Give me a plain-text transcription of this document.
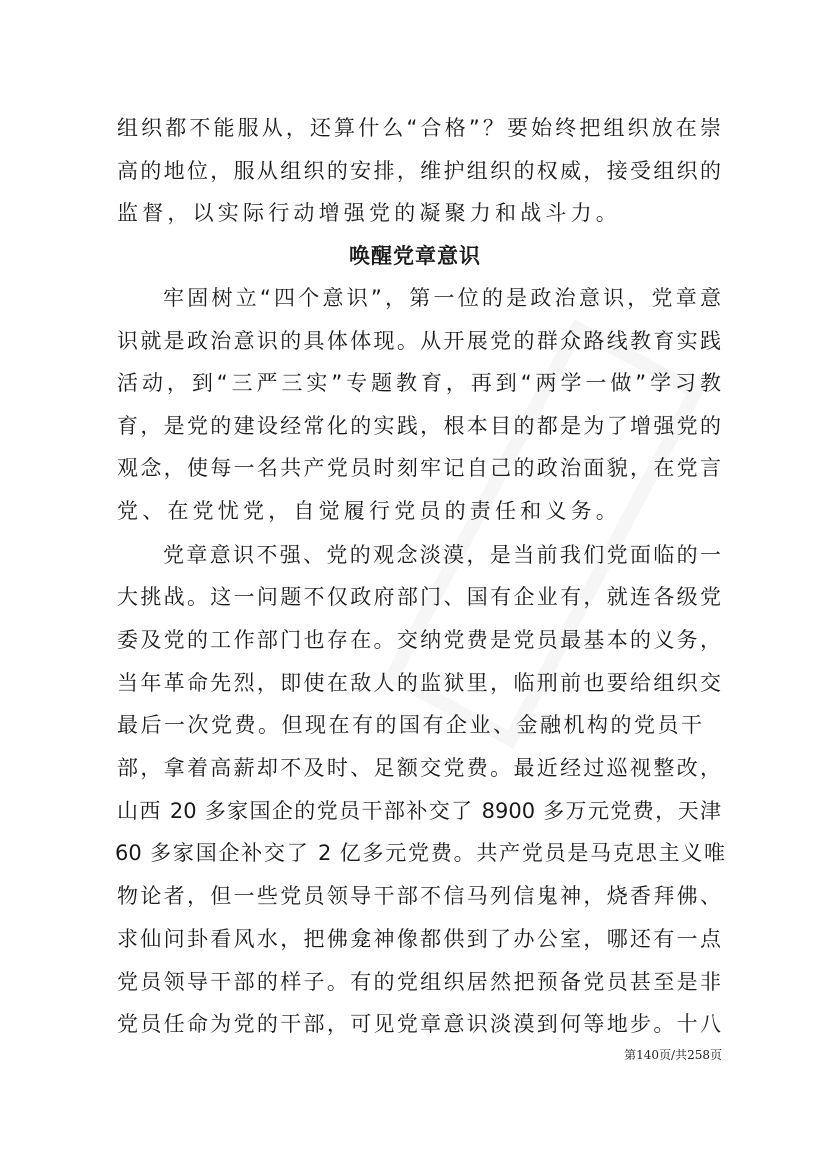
组织都不能服从，还算什么“合格”？要始终把组织放在崇
高的地位，服从组织的安排，维护组织的权威，接受组织的
监督，以实际行动增强党的凝聚力和战斗力。
唤醒党章意识
牢固树立“四个意识”，第一位的是政治意识，党章意
识就是政治意识的具体体现。从开展党的群众路线教育实践
活动，到“三严三实”专题教育，再到“两学一做”学习教
育，是党的建设经常化的实践，根本目的都是为了增强党的
观念，使每一名共产党员时刻牢记自己的政治面貌，在党言
党、在党忧党，自觉履行党员的责任和义务。
党章意识不强、党的观念淡漠，是当前我们党面临的一
大挑战。这一问题不仅政府部门、国有企业有，就连各级党
委及党的工作部门也存在。交纳党费是党员最基本的义务，
当年革命先烈，即使在敌人的监狱里，临刑前也要给组织交
最后一次党费。但现在有的国有企业、金融机构的党员干
部，拿着高薪却不及时、足额交党费。最近经过巡视整改，
山西 20 多家国企的党员干部补交了 8900 多万元党费，天津
60 多家国企补交了 2 亿多元党费。共产党员是马克思主义唯
物论者，但一些党员领导干部不信马列信鬼神，烧香拜佛、
求仙问卦看风水，把佛龛神像都供到了办公室，哪还有一点
党员领导干部的样子。有的党组织居然把预备党员甚至是非
党员任命为党的干部，可见党章意识淡漠到何等地步。十八
第140页/共258页
